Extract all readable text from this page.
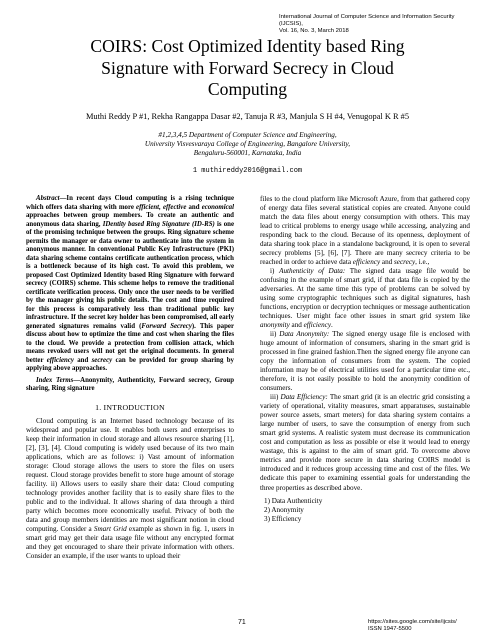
International Journal of Computer Science and Information Security (IJCSIS),
Vol. 16, No. 3, March 2018
COIRS: Cost Optimized Identity based Ring
Signature with Forward Secrecy in Cloud
Computing
Muthi Reddy P #1, Rekha Rangappa Dasar #2, Tanuja R #3, Manjula S H #4, Venugopal K R #5
#1,2,3,4,5 Department of Computer Science and Engineering,
University Visvesvaraya College of Engineering, Bangalore University,
Bengaluru-560001, Karnataka, India
1 muthireddy2016@gmail.com

Abstract—In recent days Cloud computing is a rising technique which offers data sharing with more efficient, effective and economical approaches between group members. To create an authentic and anonymous data sharing, IDentity based Ring Signature (ID-RS) is one of the promising technique between the groups. Ring signature scheme permits the manager or data owner to authenticate into the system in anonymous manner. In conventional Public Key Infrastructure (PKI) data sharing scheme contains certificate authentication process, which is a bottleneck because of its high cost. To avoid this problem, we proposed Cost Optimized Identity based Ring Signature with forward secrecy (COIRS) scheme. This scheme helps to remove the traditional certificate verification process. Only once the user needs to be verified by the manager giving his public details. The cost and time required for this process is comparatively less than traditional public key infrastructure. If the secret key holder has been compromised, all early generated signatures remains valid (Forward Secrecy). This paper discuss about how to optimize the time and cost when sharing the files to the cloud. We provide a protection from collision attack, which means revoked users will not get the original documents. In general better efficiency and secrecy can be provided for group sharing by applying above approaches.

Index Terms—Anonymity, Authenticity, Forward secrecy, Group sharing, Ring signature

1. INTRODUCTION

Cloud computing is an Internet based technology because of its widespread and popular use. It enables both users and enterprises to keep their information in cloud storage and allows resource sharing [1], [2], [3], [4]. Cloud computing is widely used because of its two main applications, which are as follows: i) Vast amount of information storage: Cloud storage allows the users to store the files on users request. Cloud storage provides benefit to store huge amount of storage facility. ii) Allows users to easily share their data: Cloud computing technology provides another facility that is to easily share files to the public and to the individual. It allows sharing of data through a third party which becomes more economically useful. Privacy of both the data and group members identities are most significant notion in cloud computing. Consider a Smart Grid example as shown in fig. 1, users in smart grid may get their data usage file without any encrypted format and they get encouraged to share their private information with others. Consider an example, if the user wants to upload their

files to the cloud platform like Microsoft Azure, from that gathered copy of energy data files several statistical copies are created. Anyone could match the data files about energy consumption with others. This may lead to critical problems to energy usage while accessing, analyzing and responding back to the cloud. Because of its openness, deployment of data sharing took place in a standalone background, it is open to several secrecy problems [5], [6], [7]. There are many secrecy criteria to be reached in order to achieve data efficiency and secrecy, i.e.,

i) Authenticity of Data: The signed data usage file would be confusing in the example of smart grid, if that data file is copied by the adversaries. At the same time this type of problems can be solved by using some cryptographic techniques such as digital signatures, hash functions, encryption or decryption techniques or message authentication techniques. User might face other issues in smart grid system like anonymity and efficiency.

ii) Data Anonymity: The signed energy usage file is enclosed with huge amount of information of consumers, sharing in the smart grid is processed in fine grained fashion.Then the signed energy file anyone can copy the information of consumers from the system. The copied information may be of electrical utilities used for a particular time etc., therefore, it is not easily possible to hold the anonymity condition of consumers.

iii) Data Efficiency: The smart grid (it is an electric grid consisting a variety of operational, vitality measures, smart apparatuses, sustainable power source assets, smart meters) for data sharing system contains a large number of users, to save the consumption of energy from such smart grid systems. A realistic system must decrease its communication cost and computation as less as possible or else it would lead to energy wastage, this is against to the aim of smart grid. To overcome above metrics and provide more secure in data sharing COIRS model is introduced and it reduces group accessing time and cost of the files. We dedicate this paper to examining essential goals for understanding the three properties as described above.

1) Data Authenticity
2) Anonymity
3) Efficiency
71	https://sites.google.com/site/ijcsis/
ISSN 1947-5500
